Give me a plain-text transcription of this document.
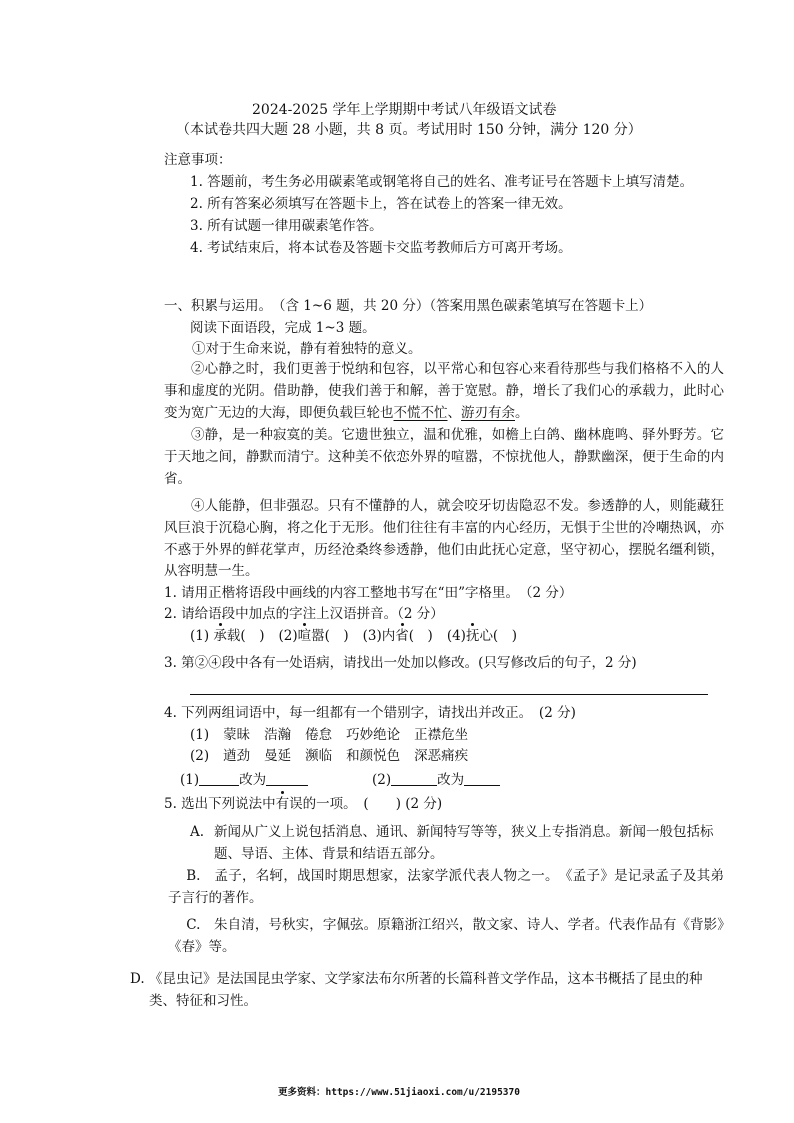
2024-2025 学年上学期期中考试八年级语文试卷
（本试卷共四大题 28 小题，共 8 页。考试用时 150 分钟，满分 120 分）
注意事项：
1. 答题前，考生务必用碳素笔或钢笔将自己的姓名、准考证号在答题卡上填写清楚。
2. 所有答案必须填写在答题卡上，答在试卷上的答案一律无效。
3. 所有试题一律用碳素笔作答。
4. 考试结束后，将本试卷及答题卡交监考教师后方可离开考场。
一、积累与运用。　（含 1~6 题，共 20 分）（答案用黑色碳素笔填写在答题卡上）
阅读下面语段，完成 1~3 题。
①对于生命来说，静有着独特的意义。
②心静之时，我们更善于悦纳和包容，以平常心和包容心来看待那些与我们格格不入的人事和虚度的光阴。借助静，使我们善于和解，善于宽慰。静，增长了我们心的承载力，此时心变为宽广无边的大海，即便负载巨轮也不慌不忙、游刃有余。
③静，是一种寂寞的美。它遗世独立，温和优雅，如檐上白鸽、幽林鹿鸣、驿外野芳。它于天地之间，静默而清宁。这种美不依恋外界的喧嚣，不惊扰他人，静默幽深，便于生命的内省。
④人能静，但非强忍。只有不懂静的人，就会咬牙切齿隐忍不发。参透静的人，则能藏狂风巨浪于沉稳心胸，将之化于无形。他们往往有丰富的内心经历，无惧于尘世的冷嘲热讽，亦不惑于外界的鲜花掌声，历经沧桑终参透静，他们由此抚心定意，坚守初心，摆脱名缰利锁，从容明慧一生。
1. 请用正楷将语段中画线的内容工整地书写在“田”字格里。　（2 分）
2. 请给语段中加点的字注上汉语拼音。（2 分）
(1) 承载(　) (2)喧嚣(　) (3)内省(　) (4)抚心(　)
3. 第②④段中各有一处语病，请找出一处加以修改。(只写修改后的句子，2 分)
4. 下列两组词语中，每一组都有一个错别字，请找出并改正。　(2 分)
(1) 蒙昧 浩瀚 倦怠 巧妙绝论 正襟危坐
(2) 遒劲 曼延 濒临 和颜悦色 深恶痛疾
(1)	改为	(2)	改为
5. 选出下列说法中有误的一项。　(　　) (2 分)
A. 新闻从广义上说包括消息、通讯、新闻特写等等，狭义上专指消息。新闻一般包括标题、导语、主体、背景和结语五部分。
B.　孟子，名轲，战国时期思想家，法家学派代表人物之一。　《孟子》是记录孟子及其弟子言行的著作。
C.　朱自清，号秋实，字佩弦。原籍浙江绍兴，散文家、诗人、学者。代表作品有《背影》《春》等。
D. 《昆虫记》是法国昆虫学家、文学家法布尔所著的长篇科普文学作品，这本书概括了昆虫的种类、特征和习性。
更多资料：https://www.51jiaoxi.com/u/2195370
